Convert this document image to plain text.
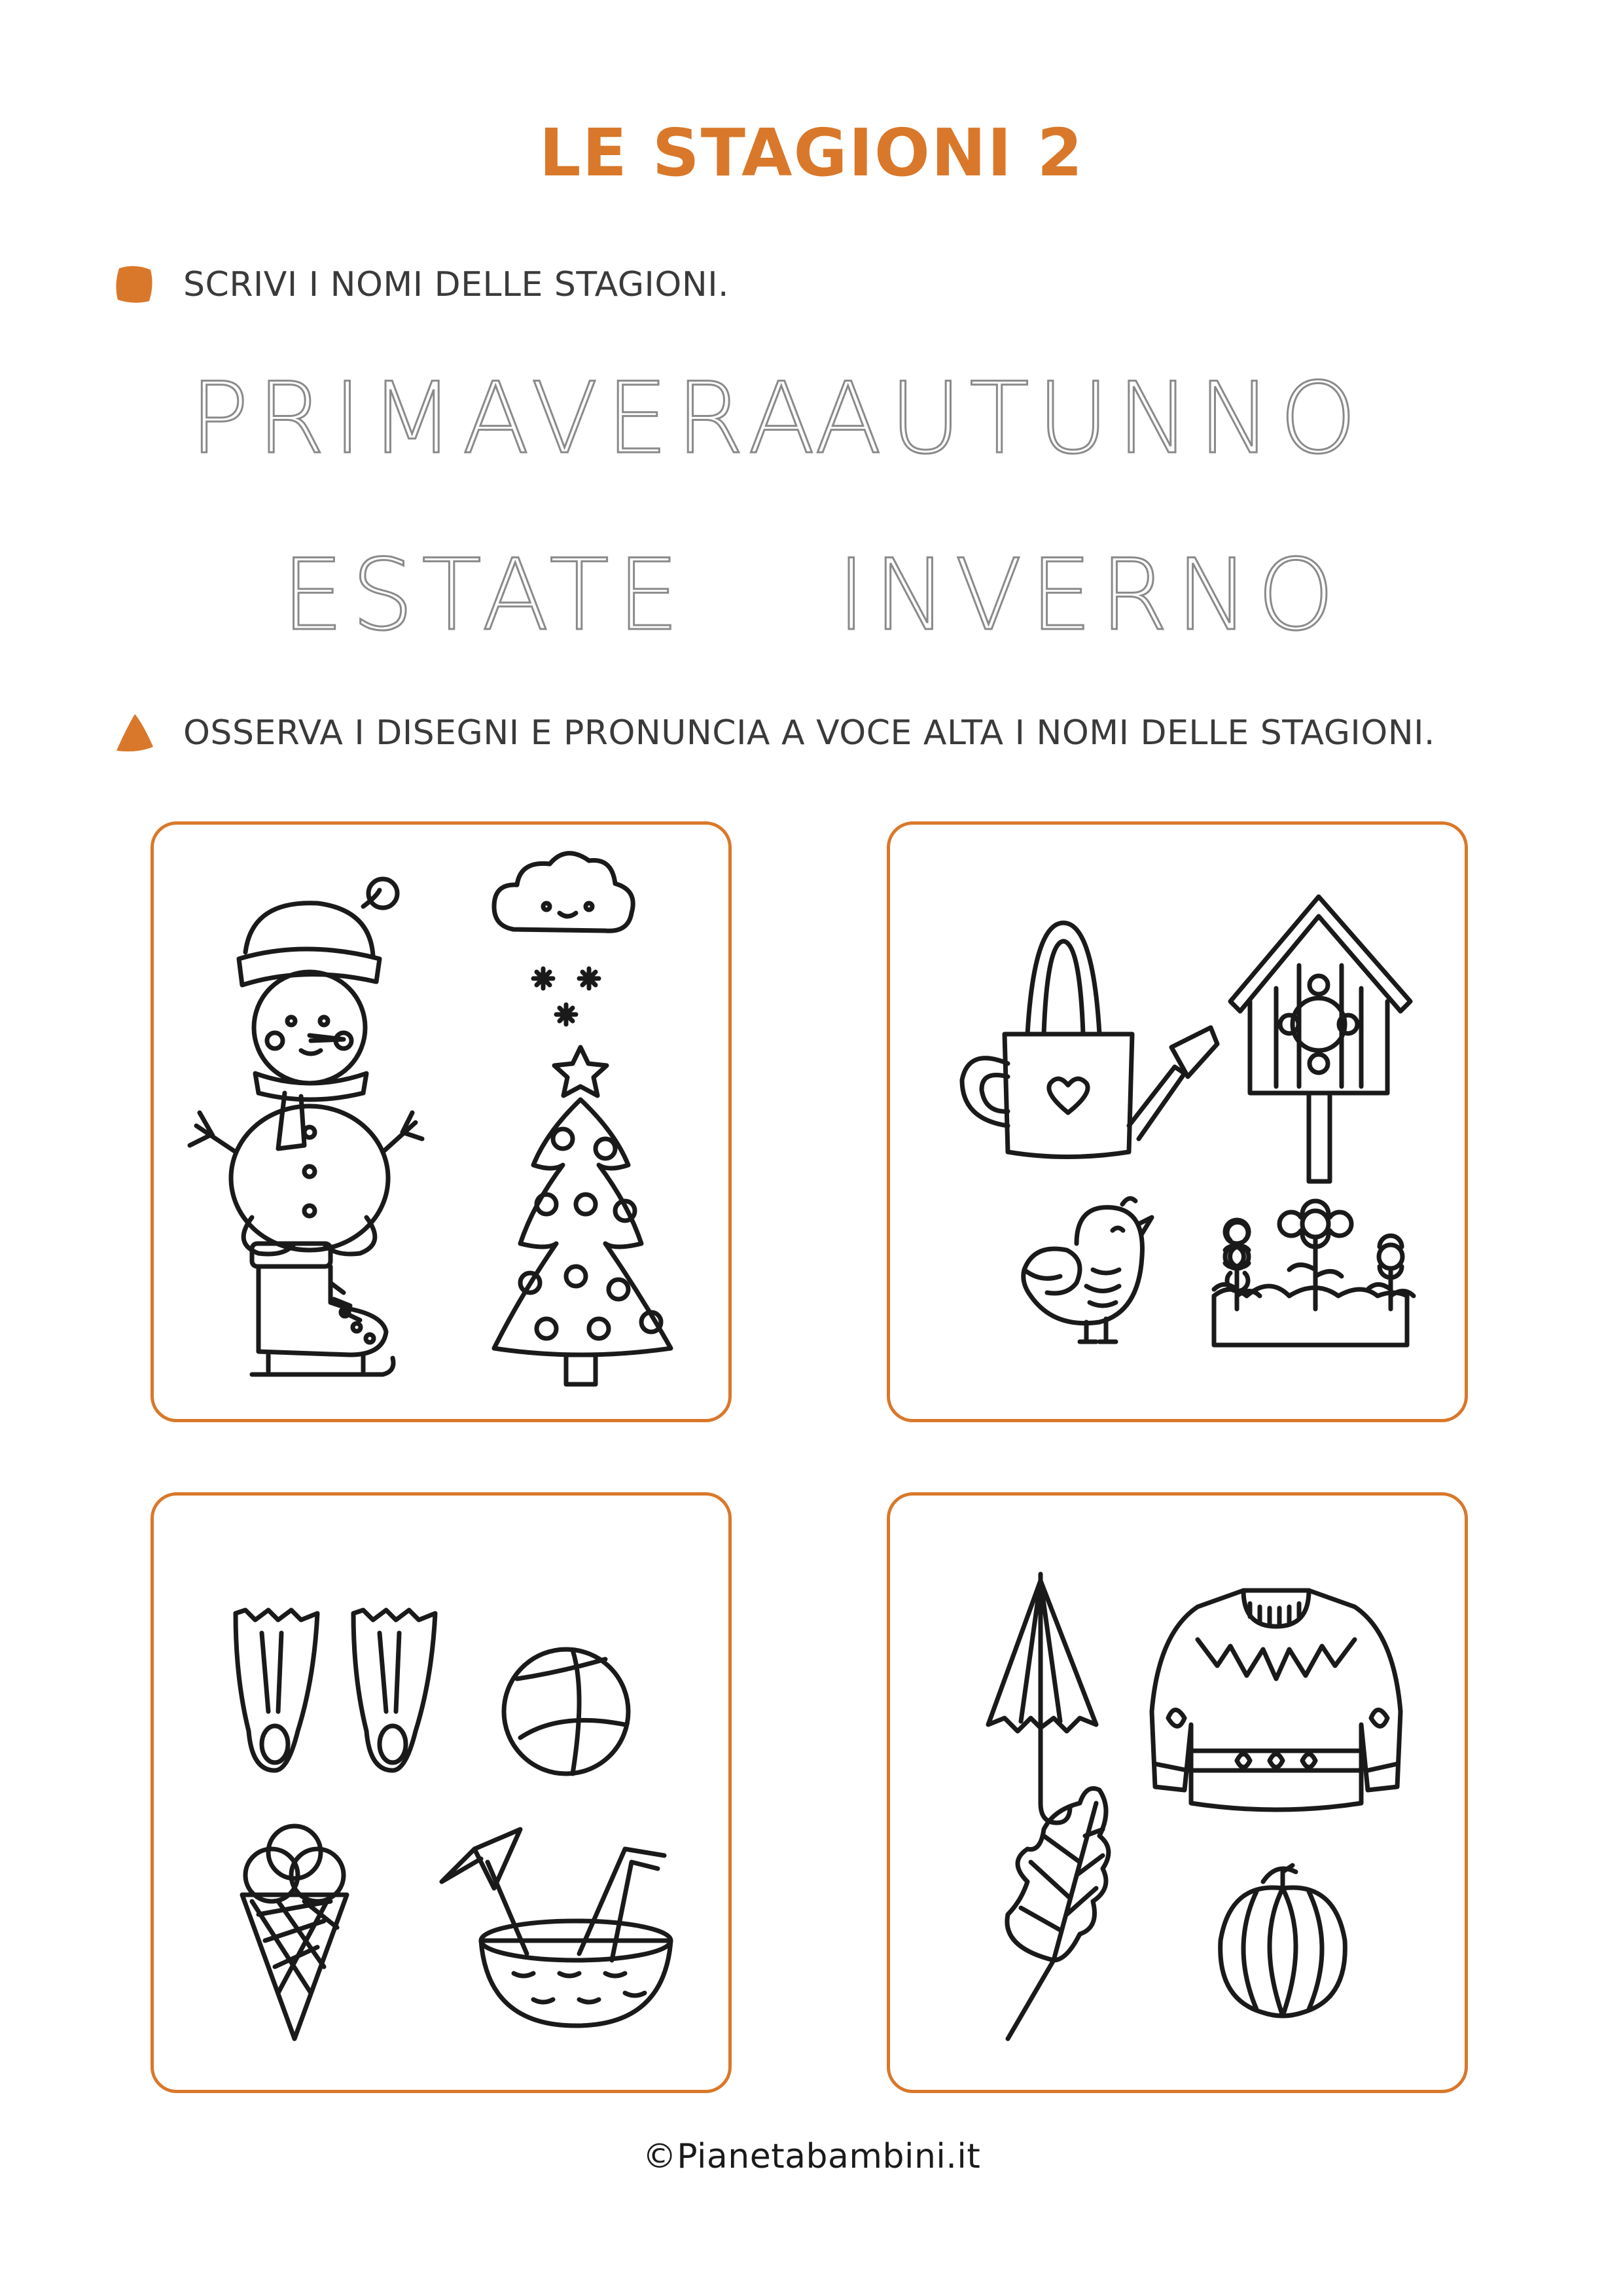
LE STAGIONI 2
SCRIVI I NOMI DELLE STAGIONI.
PRIMAVERA
AUTUNNO
ESTATE	INVERNO
OSSERVA I DISEGNI E PRONUNCIA A VOCE ALTA I NOMI DELLE STAGIONI.
©Pianetabambini.it
